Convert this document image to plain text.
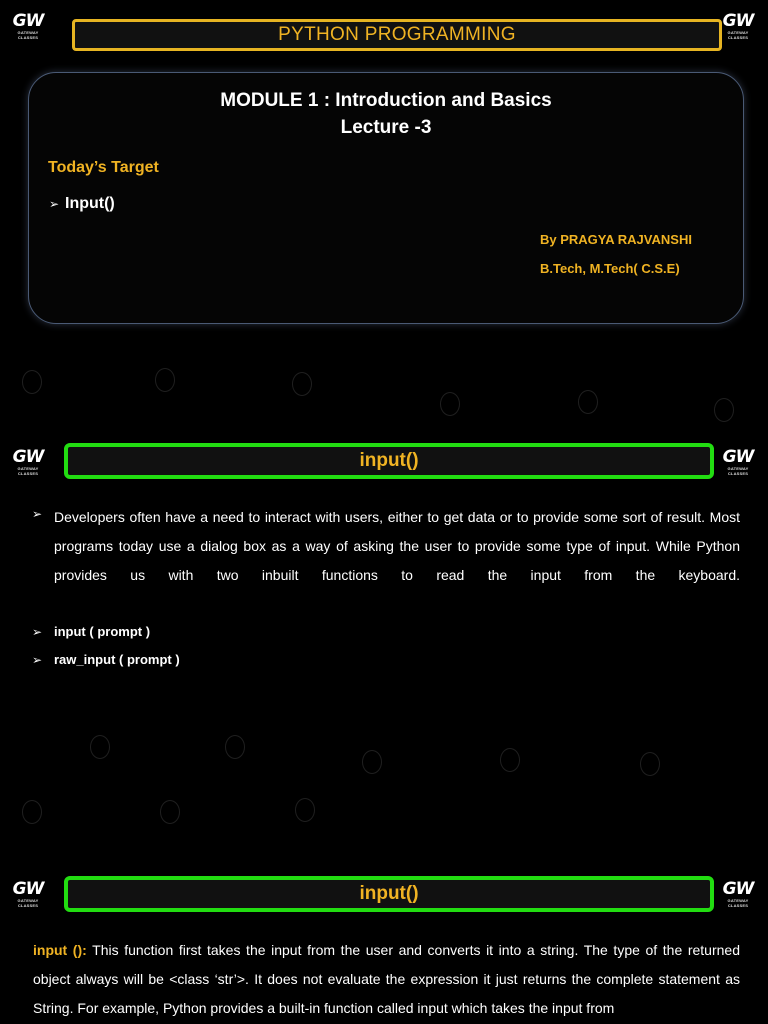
GW
GATEWAY CLASSES	PYTHON PROGRAMMING
GW
GATEWAY CLASSES
MODULE 1 : Introduction and Basics
Lecture -3
Today’s Target
➢ Input()
By PRAGYA RAJVANSHI
B.Tech, M.Tech( C.S.E)
GW
GATEWAY CLASSES
input()	GW
GATEWAY CLASSES
➢ Developers often have a need to interact with users, either to get data or to provide some sort of result. Most programs today use a dialog box as a way of asking the user to provide some type of input. While Python provides us with two inbuilt functions to read the input from the keyboard.
➢ input ( prompt )
➢ raw_input ( prompt )
GW
GATEWAY CLASSES
input()	GW
GATEWAY CLASSES
input (): This function first takes the input from the user and converts it into a string. The type of the returned object always will be <class ‘str’>. It does not evaluate the expression it just returns the complete statement as String. For example, Python provides a built-in function called input which takes the input from
